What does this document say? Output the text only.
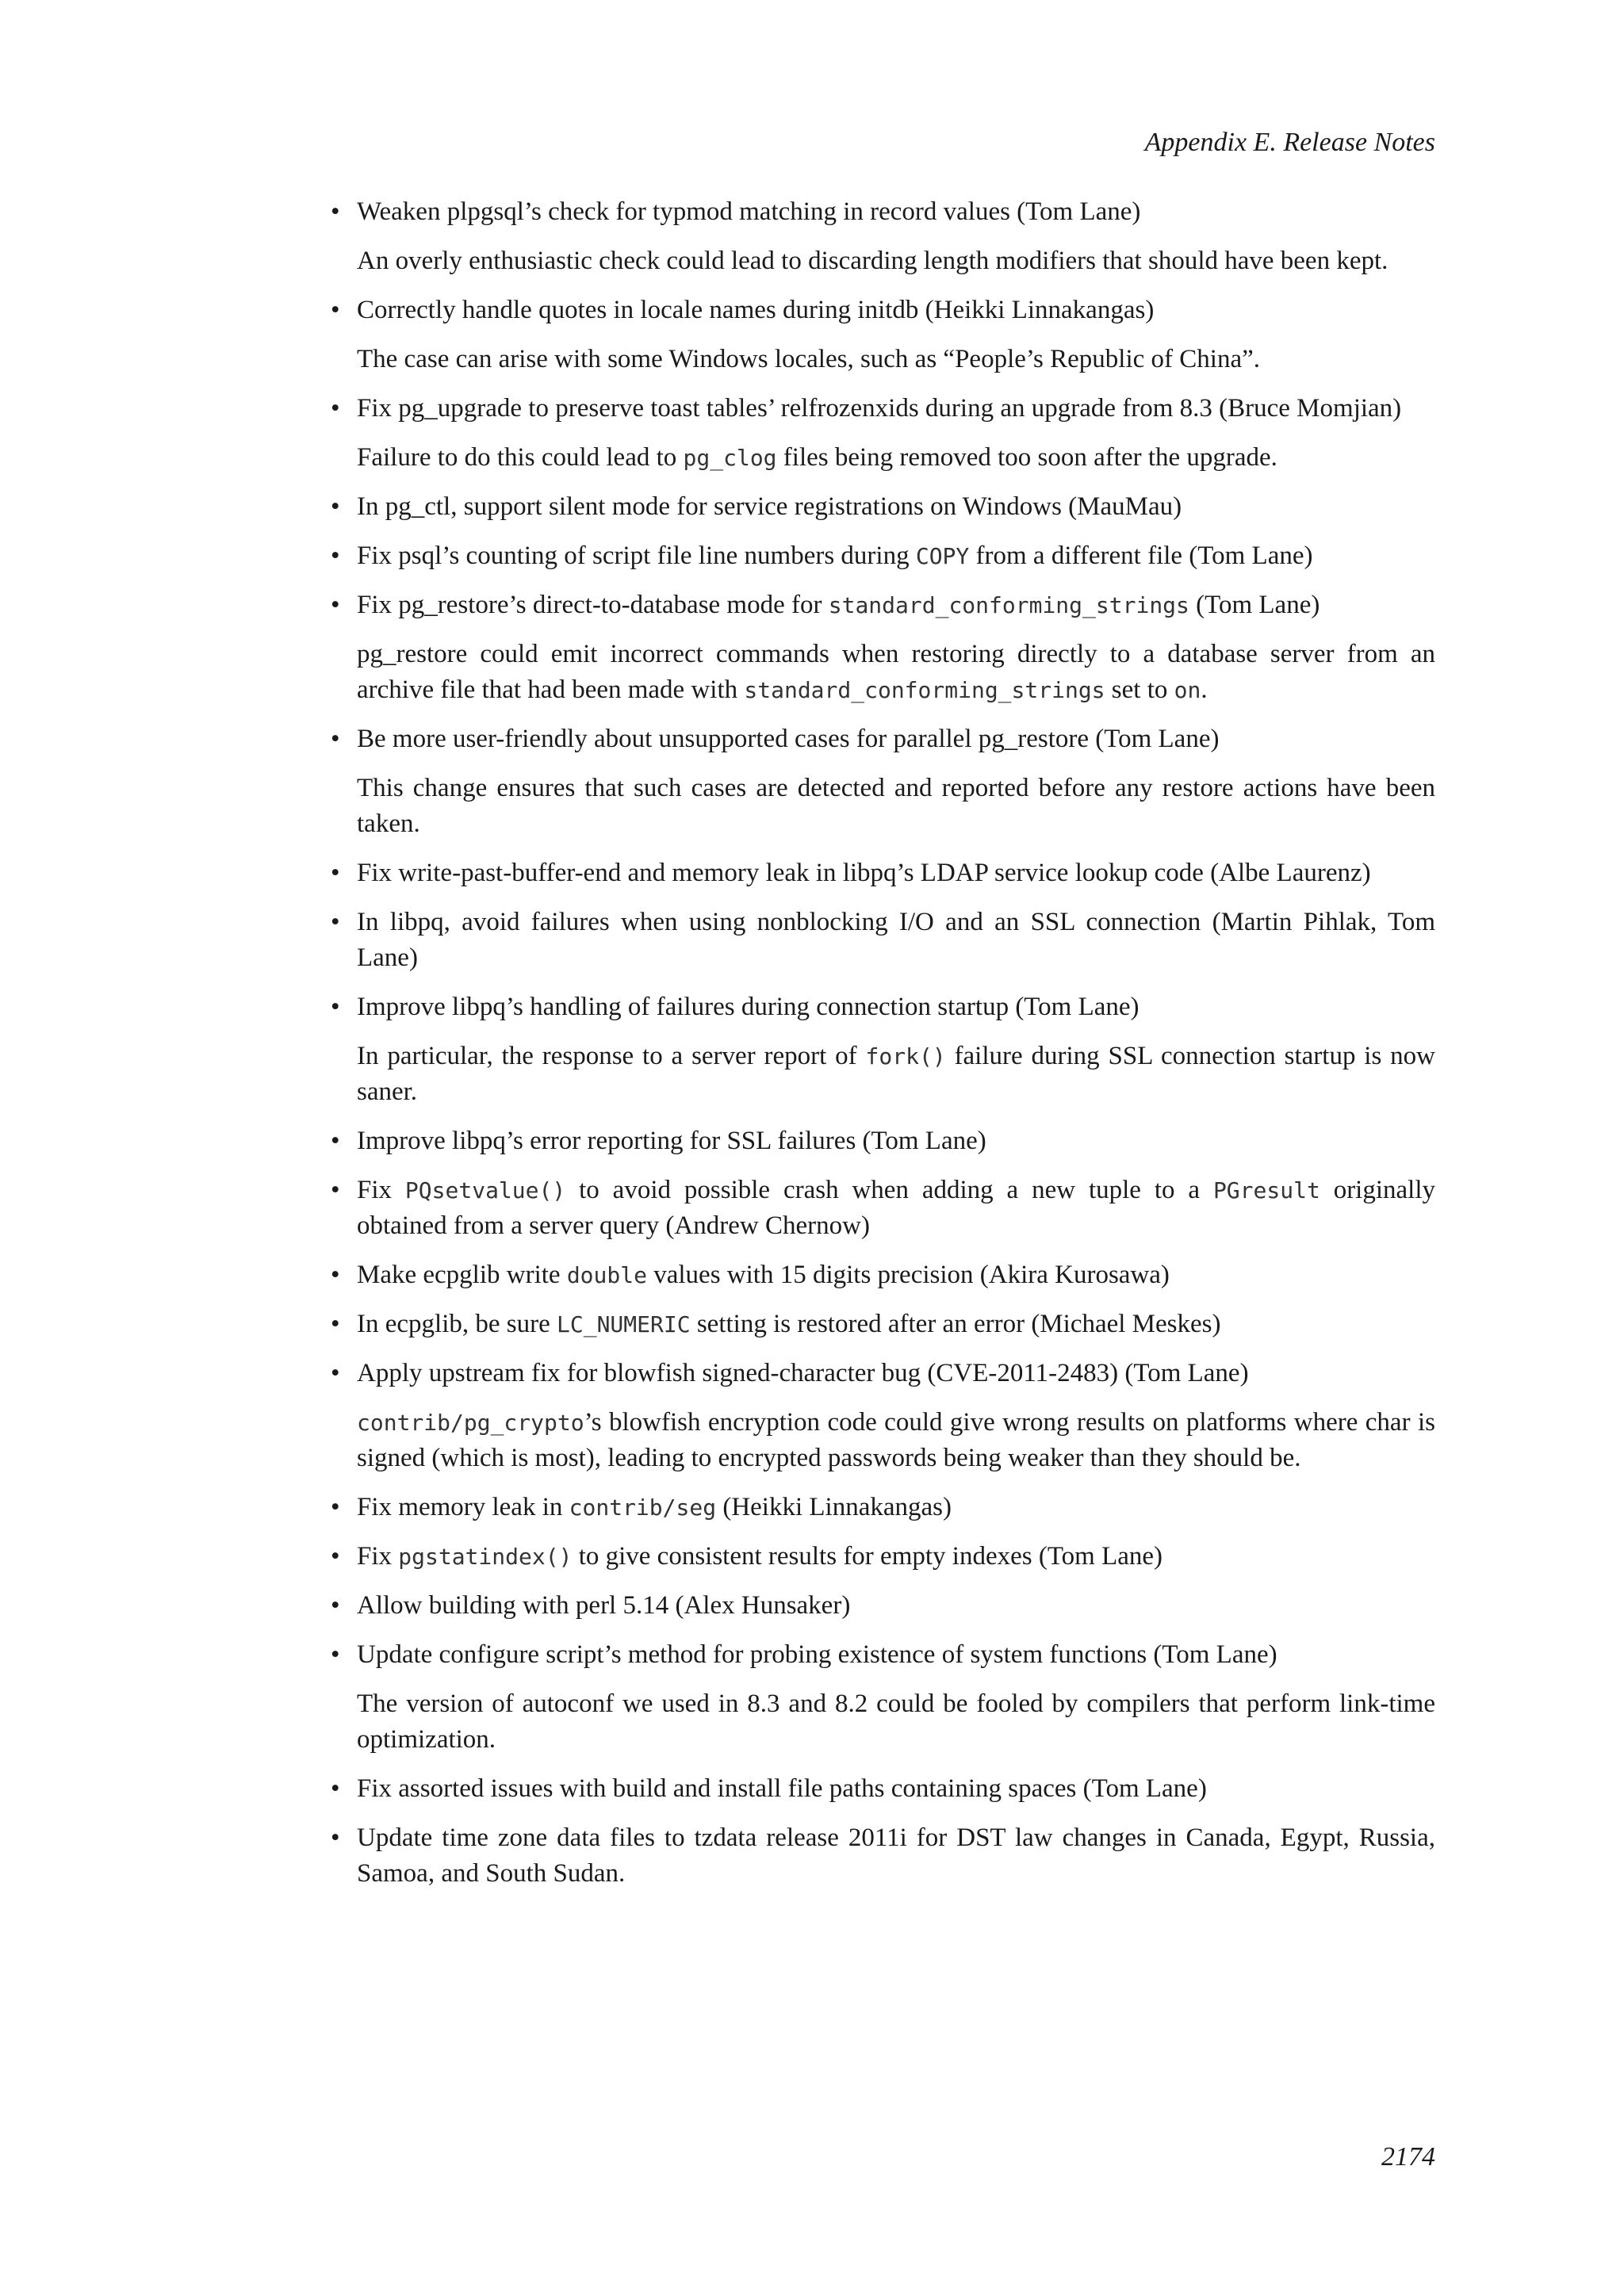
Appendix E. Release Notes
• Weaken plpgsql’s check for typmod matching in record values (Tom Lane)

An overly enthusiastic check could lead to discarding length modifiers that should have been kept.

• Correctly handle quotes in locale names during initdb (Heikki Linnakangas)

The case can arise with some Windows locales, such as “People’s Republic of China”.

• Fix pg_upgrade to preserve toast tables’ relfrozenxids during an upgrade from 8.3 (Bruce Momjian)

Failure to do this could lead to pg_clog files being removed too soon after the upgrade.

• In pg_ctl, support silent mode for service registrations on Windows (MauMau)

• Fix psql’s counting of script file line numbers during COPY from a different file (Tom Lane)

• Fix pg_restore’s direct-to-database mode for standard_conforming_strings (Tom Lane)

pg_restore could emit incorrect commands when restoring directly to a database server from an archive file that had been made with standard_conforming_strings set to on.

• Be more user-friendly about unsupported cases for parallel pg_restore (Tom Lane)

This change ensures that such cases are detected and reported before any restore actions have been taken.

• Fix write-past-buffer-end and memory leak in libpq’s LDAP service lookup code (Albe Laurenz)

• In libpq, avoid failures when using nonblocking I/O and an SSL connection (Martin Pihlak, Tom Lane)

• Improve libpq’s handling of failures during connection startup (Tom Lane)

In particular, the response to a server report of fork() failure during SSL connection startup is now saner.

• Improve libpq’s error reporting for SSL failures (Tom Lane)

• Fix PQsetvalue() to avoid possible crash when adding a new tuple to a PGresult originally obtained from a server query (Andrew Chernow)

• Make ecpglib write double values with 15 digits precision (Akira Kurosawa)

• In ecpglib, be sure LC_NUMERIC setting is restored after an error (Michael Meskes)

• Apply upstream fix for blowfish signed-character bug (CVE-2011-2483) (Tom Lane)

contrib/pg_crypto’s blowfish encryption code could give wrong results on platforms where char is signed (which is most), leading to encrypted passwords being weaker than they should be.

• Fix memory leak in contrib/seg (Heikki Linnakangas)

• Fix pgstatindex() to give consistent results for empty indexes (Tom Lane)

• Allow building with perl 5.14 (Alex Hunsaker)

• Update configure script’s method for probing existence of system functions (Tom Lane)

The version of autoconf we used in 8.3 and 8.2 could be fooled by compilers that perform link-time optimization.

• Fix assorted issues with build and install file paths containing spaces (Tom Lane)

• Update time zone data files to tzdata release 2011i for DST law changes in Canada, Egypt, Russia, Samoa, and South Sudan.

2174
